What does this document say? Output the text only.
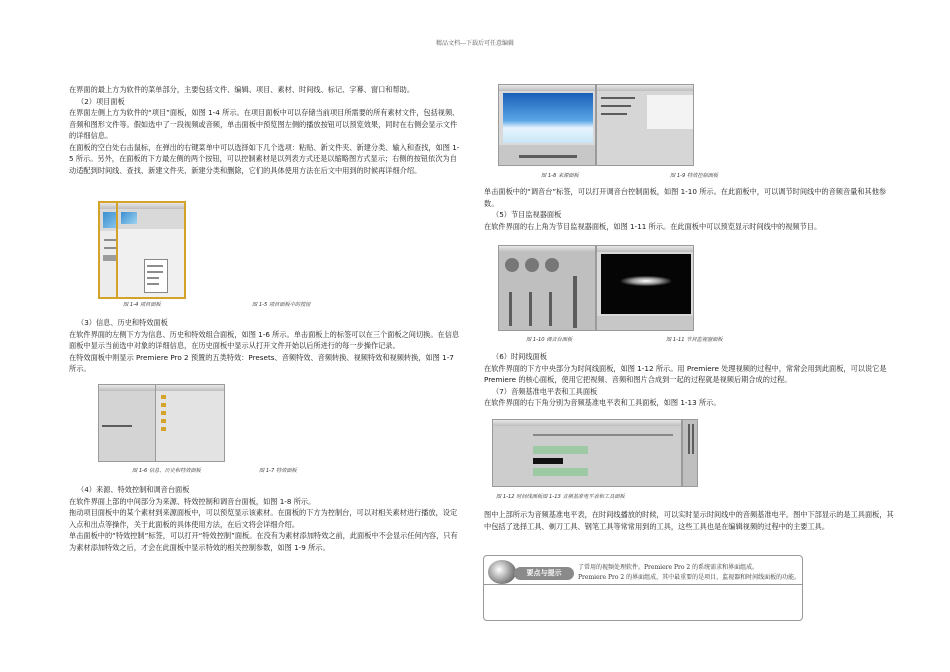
精品文档---下载后可任意编辑

在界面的最上方为软件的菜单部分，主要包括文件、编辑、项目、素材、时间线、标记、字幕、窗口和帮助。

（2）项目面板

在界面左侧上方为软件的“项目”面板，如图 1-4 所示。在项目面板中可以存储当前项目所需要的所有素材文件，包括视频、音频和图形文件等。假如选中了一段视频或音频，单击面板中预览图左侧的播放按钮可以预览效果，同时在右侧会显示文件的详细信息。

在面板的空白处右击鼠标，在弹出的右键菜单中可以选择如下几个选项：粘贴、新文件夹、新建分类、输入和查找，如图 1-5 所示。另外，在面板的下方最左侧的两个按钮，可以控制素材是以列表方式还是以缩略图方式显示；右侧的按钮依次为自动适配到时间线、查找、新建文件夹、新建分类和删除，它们的具体使用方法在后文中用到的时候再详细介绍。

图 1-4 项目面板	图 1-5 项目面板中的按钮

（3）信息、历史和特效面板

在软件界面的左侧下方为信息、历史和特效组合面板，如图 1-6 所示。单击面板上的标签可以在三个面板之间切换。在信息面板中显示当前选中对象的详细信息，在历史面板中显示从打开文件开始以后所进行的每一步操作记录。

在特效面板中则显示 Premiere Pro 2 预置的五类特效：Presets、音频特效、音频转换、视频特效和视频转换，如图 1-7 所示。

图 1-6 信息、历史和特效面板	图 1-7 特效面板

（4）来源、特效控制和调音台面板

在软件界面上部的中间部分为来源、特效控制和调音台面板，如图 1-8 所示。

拖动项目面板中的某个素材到来源面板中，可以预览显示该素材。在面板的下方为控制台，可以对相关素材进行播放，设定入点和出点等操作，关于此面板的具体使用方法，在后文将会详细介绍。

单击面板中的“特效控制”标签，可以打开“特效控制”面板。在没有为素材添加特效之前，此面板中不会显示任何内容，只有为素材添加特效之后，才会在此面板中显示特效的相关控制参数，如图 1-9 所示。

图 1-8 来源面板	图 1-9 特效控制面板

单击面板中的“调音台”标签，可以打开调音台控制面板，如图 1-10 所示。在此面板中，可以调节时间线中的音频音量和其他参数。

（5）节目监视器面板

在软件界面的右上角为节目监视器面板，如图 1-11 所示。在此面板中可以预览显示时间线中的视频节目。

图 1-10 调音台面板	图 1-11 节目监视器面板

（6）时间线面板

在软件界面的下方中央部分为时间线面板，如图 1-12 所示。用 Premiere 处理视频的过程中，常常会用到此面板，可以说它是 Premiere 的核心面板，使用它把视频、音频和图片合成到一起的过程就是视频后期合成的过程。

（7）音频基准电平表和工具面板

在软件界面的右下角分别为音频基准电平表和工具面板，如图 1-13 所示。

图 1-12 时间线面板图 1-13 音频基准电平表和工具面板

图中上部所示为音频基准电平表，在时间线播放的时候，可以实时显示时间线中的音频基准电平。图中下部显示的是工具面板，其中包括了选择工具、剃刀工具、钢笔工具等常常用到的工具，这些工具也是在编辑视频的过程中的主要工具。

要点与提示
了常用的视频处理软件。Premiere Pro 2 的系统需求和界面组成。
Premiere Pro 2 的界面组成，其中最重要的是项目，监视器和时间线面板的功能。
